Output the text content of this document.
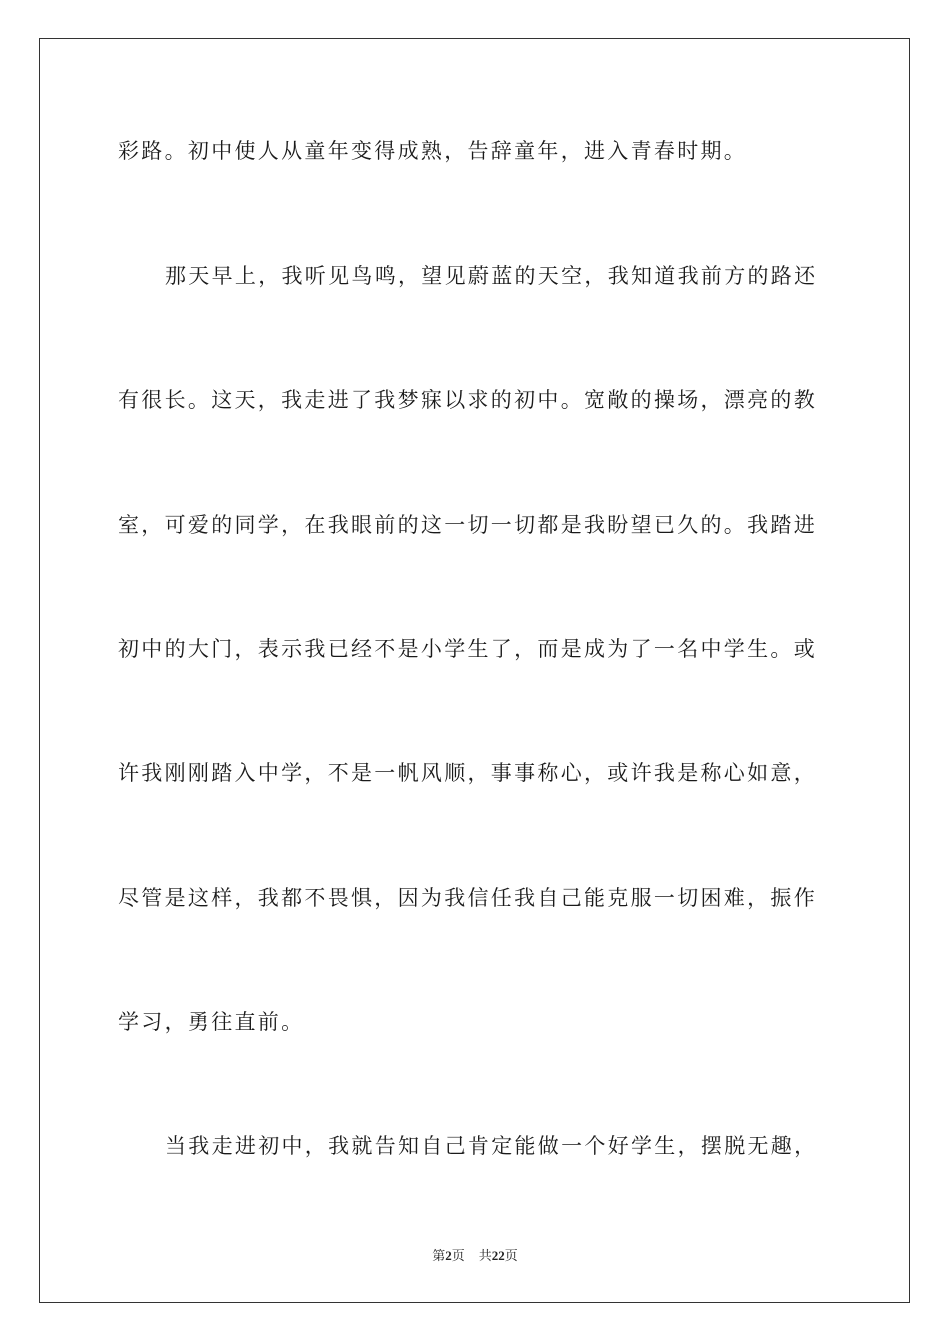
彩路。初中使人从童年变得成熟，告辞童年，进入青春时期。
那天早上，我听见鸟鸣，望见蔚蓝的天空，我知道我前方的路还
有很长。这天，我走进了我梦寐以求的初中。宽敞的操场，漂亮的教
室，可爱的同学，在我眼前的这一切一切都是我盼望已久的。我踏进
初中的大门，表示我已经不是小学生了，而是成为了一名中学生。或
许我刚刚踏入中学，不是一帆风顺，事事称心，或许我是称心如意，
尽管是这样，我都不畏惧，因为我信任我自己能克服一切困难，振作
学习，勇往直前。
当我走进初中，我就告知自己肯定能做一个好学生，摆脱无趣，
第2页 共22页
